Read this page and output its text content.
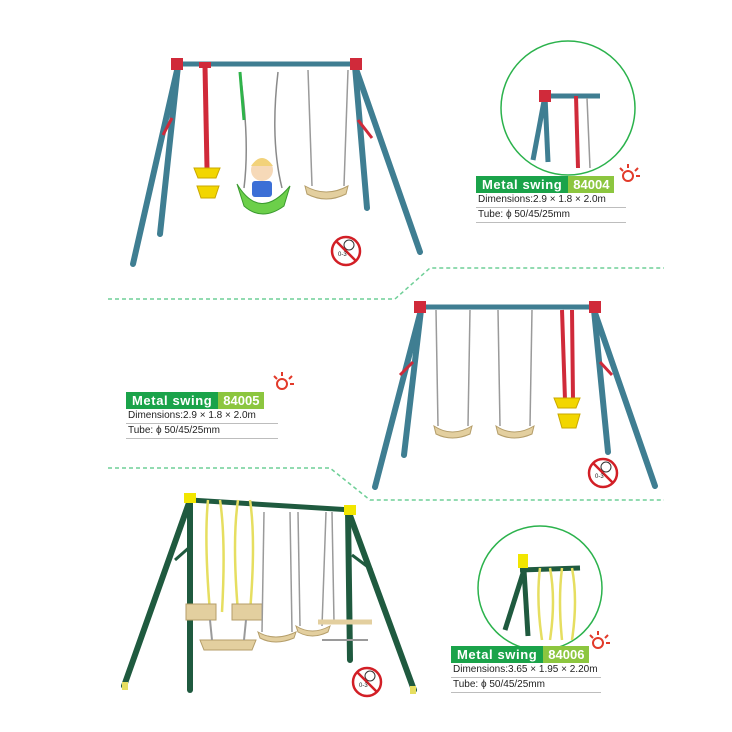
Metal swing 84004
Dimensions:2.9 × 1.8 × 2.0m
Tube: ϕ 50/45/25mm
Metal swing 84005
Dimensions:2.9 × 1.8 × 2.0m
Tube: ϕ 50/45/25mm
Metal swing 84006
Dimensions:3.65 × 1.95 × 2.20m
Tube: ϕ 50/45/25mm
0-3
0-3
0-3
